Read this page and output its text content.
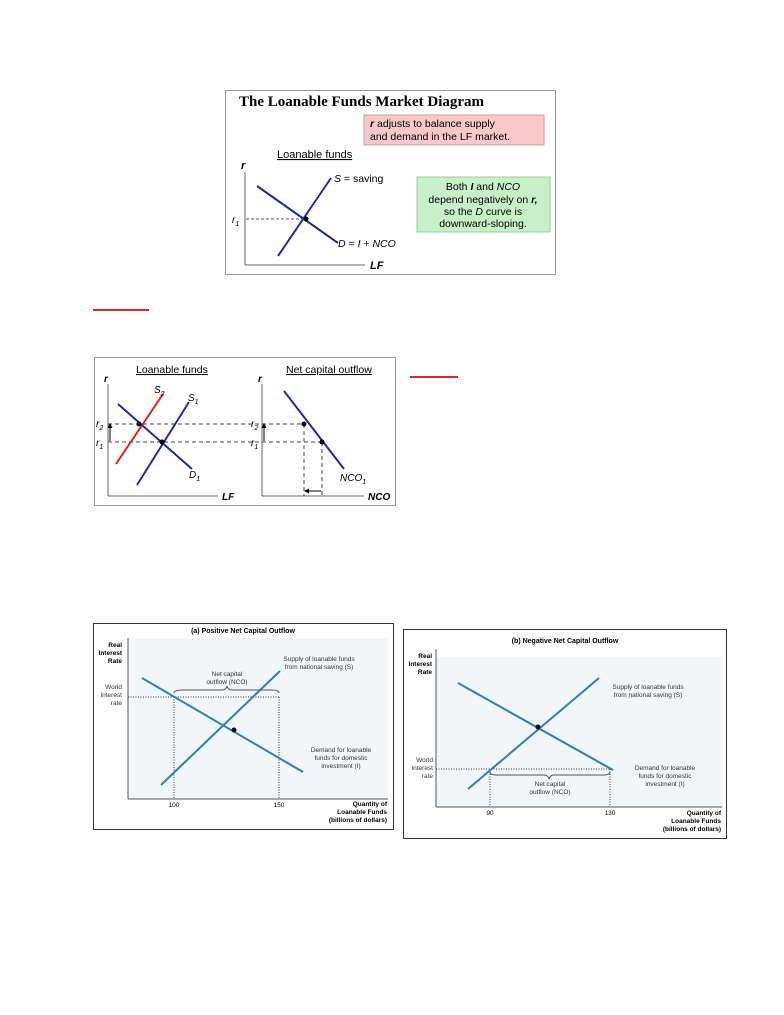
The Loanable Funds Market Diagram
r adjusts to balance supply
and demand in the LF market.
Loanable funds
r
LF
$r_1$
S = saving
D = I + NCO
Both I and NCO
depend negatively on r,
so the D curve is
downward-sloping.
Loanable funds	Net capital outflow
r
LF
r
NCO
$S_2$ $S_1$
$D_1$
$r_2$
$r_1$
$r_2$
$r_1$
$NCO_1$
(a) Positive Net Capital Outflow
Real
Interest
Rate
World
interest
rate
Net capital
outflow (NCO)
Supply of loanable funds
from national saving (S)
Demand for loanable
funds for domestic
investment (I)
100	150	Quantity of
Loanable Funds
(billions of dollars)
(b) Negative Net Capital Outflow
Real
Interest
Rate
World
interest
rate
Net capital
outflow (NCO)
Supply of loanable funds
from national saving (S)
Demand for loanable
funds for domestic
investment (I)
90	130	Quantity of
Loanable Funds
(billions of dollars)
